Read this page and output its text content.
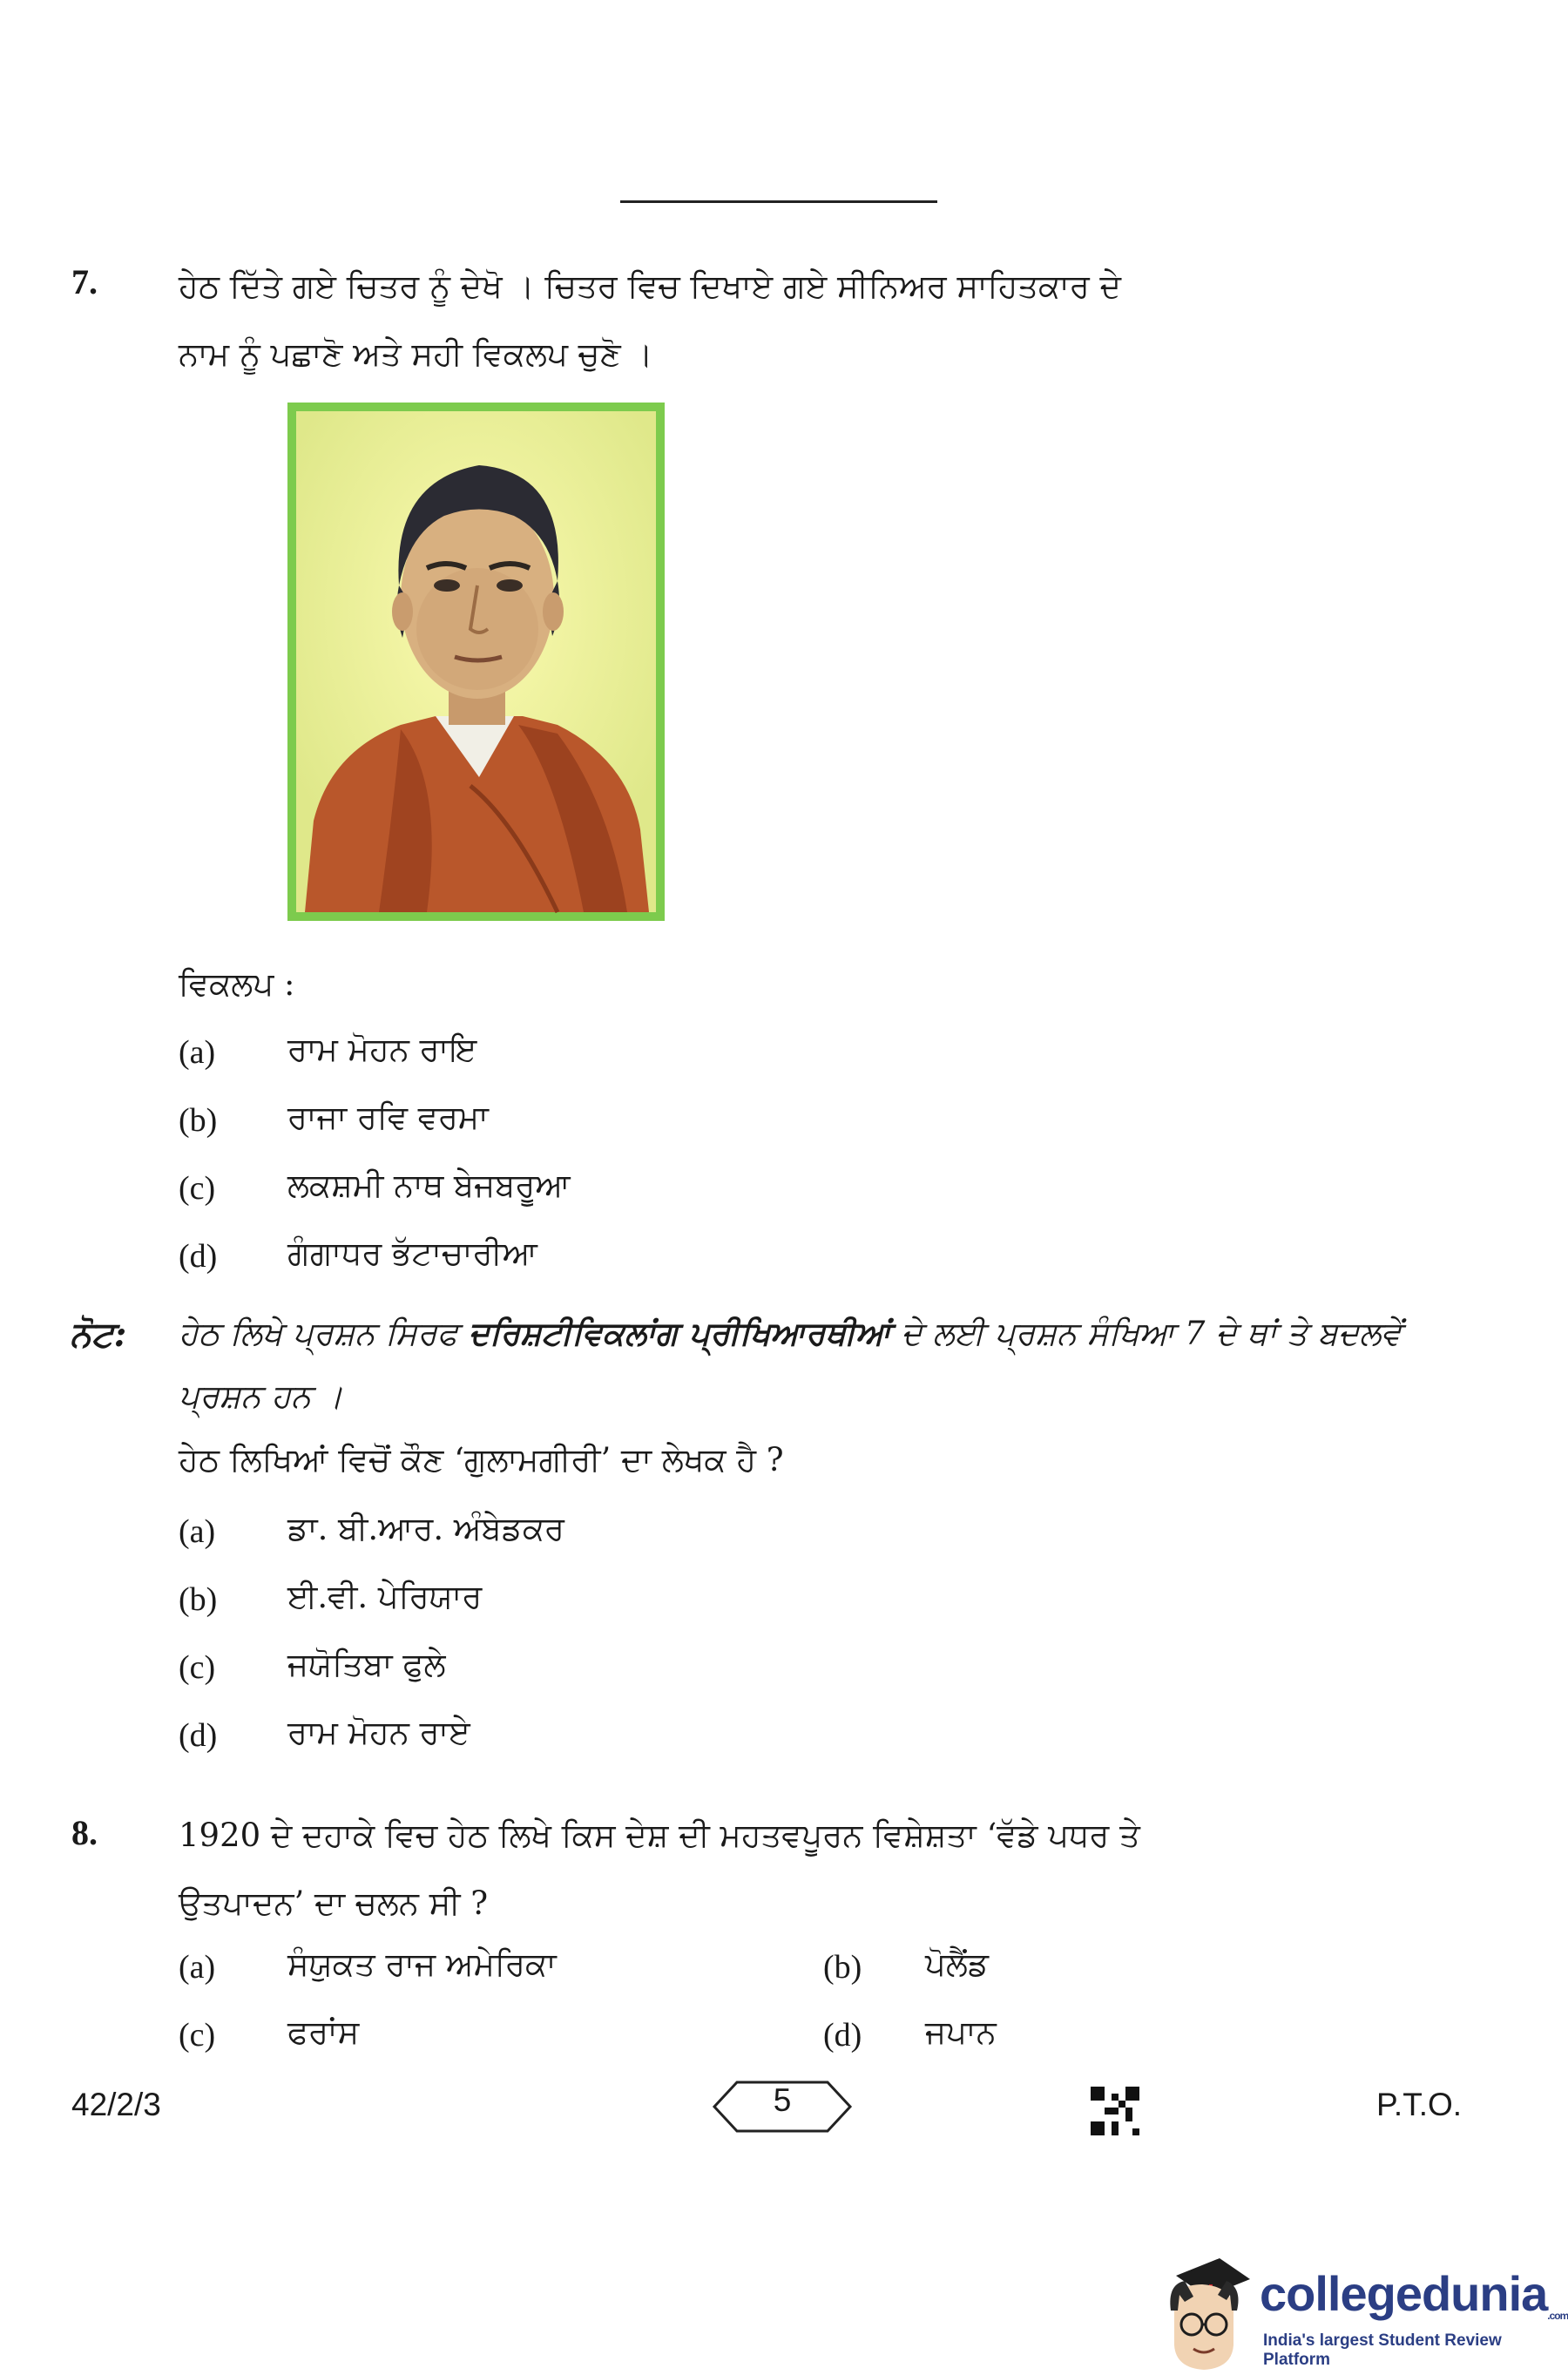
7.	ਹੇਠ ਦਿੱਤੇ ਗਏ ਚਿਤਰ ਨੂੰ ਦੇਖੋ । ਚਿਤਰ ਵਿਚ ਦਿਖਾਏ ਗਏ ਸੀਨਿਅਰ ਸਾਹਿਤਕਾਰ ਦੇ
ਨਾਮ ਨੂੰ ਪਛਾਣੋ ਅਤੇ ਸਹੀ ਵਿਕਲਪ ਚੁਣੋ ।
ਵਿਕਲਪ :
(a) ਰਾਮ ਮੋਹਨ ਰਾਇ
(b) ਰਾਜਾ ਰਵਿ ਵਰਮਾ
(c) ਲਕਸ਼ਮੀ ਨਾਥ ਬੇਜਬਰੂਆ
(d) ਗੰਗਾਧਰ ਭੱਟਾਚਾਰੀਆ
ਨੋਟ: ਹੇਠ ਲਿਖੇ ਪ੍ਰਸ਼ਨ ਸਿਰਫ ਦਰਿਸ਼ਟੀਵਿਕਲਾਂਗ ਪ੍ਰੀਖਿਆਰਥੀਆਂ ਦੇ ਲਈ ਪ੍ਰਸ਼ਨ ਸੰਖਿਆ 7 ਦੇ ਥਾਂ ਤੇ ਬਦਲਵੇਂ ਪ੍ਰਸ਼ਨ ਹਨ ।
ਹੇਠ ਲਿਖਿਆਂ ਵਿਚੋਂ ਕੌਣ ‘ਗੁਲਾਮਗੀਰੀ’ ਦਾ ਲੇਖਕ ਹੈ ?
(a) ਡਾ. ਬੀ.ਆਰ. ਅੰਬੇਡਕਰ
(b) ਈ.ਵੀ. ਪੇਰਿਯਾਰ
(c) ਜਯੋਤਿਬਾ ਫੁਲੇ
(d) ਰਾਮ ਮੋਹਨ ਰਾਏ
8.	1920 ਦੇ ਦਹਾਕੇ ਵਿਚ ਹੇਠ ਲਿਖੇ ਕਿਸ ਦੇਸ਼ ਦੀ ਮਹਤਵਪੂਰਨ ਵਿਸ਼ੇਸ਼ਤਾ ‘ਵੱਡੇ ਪਧਰ ਤੇ
ਉਤਪਾਦਨ’ ਦਾ ਚਲਨ ਸੀ ?
(a) ਸੰਯੁਕਤ ਰਾਜ ਅਮੇਰਿਕਾ	(b) ਪੋਲੈਂਡ
(c) ਫਰਾਂਸ	(d) ਜਪਾਨ
42/2/3	5	P.T.O.
collegedunia.com
India's largest Student Review Platform
